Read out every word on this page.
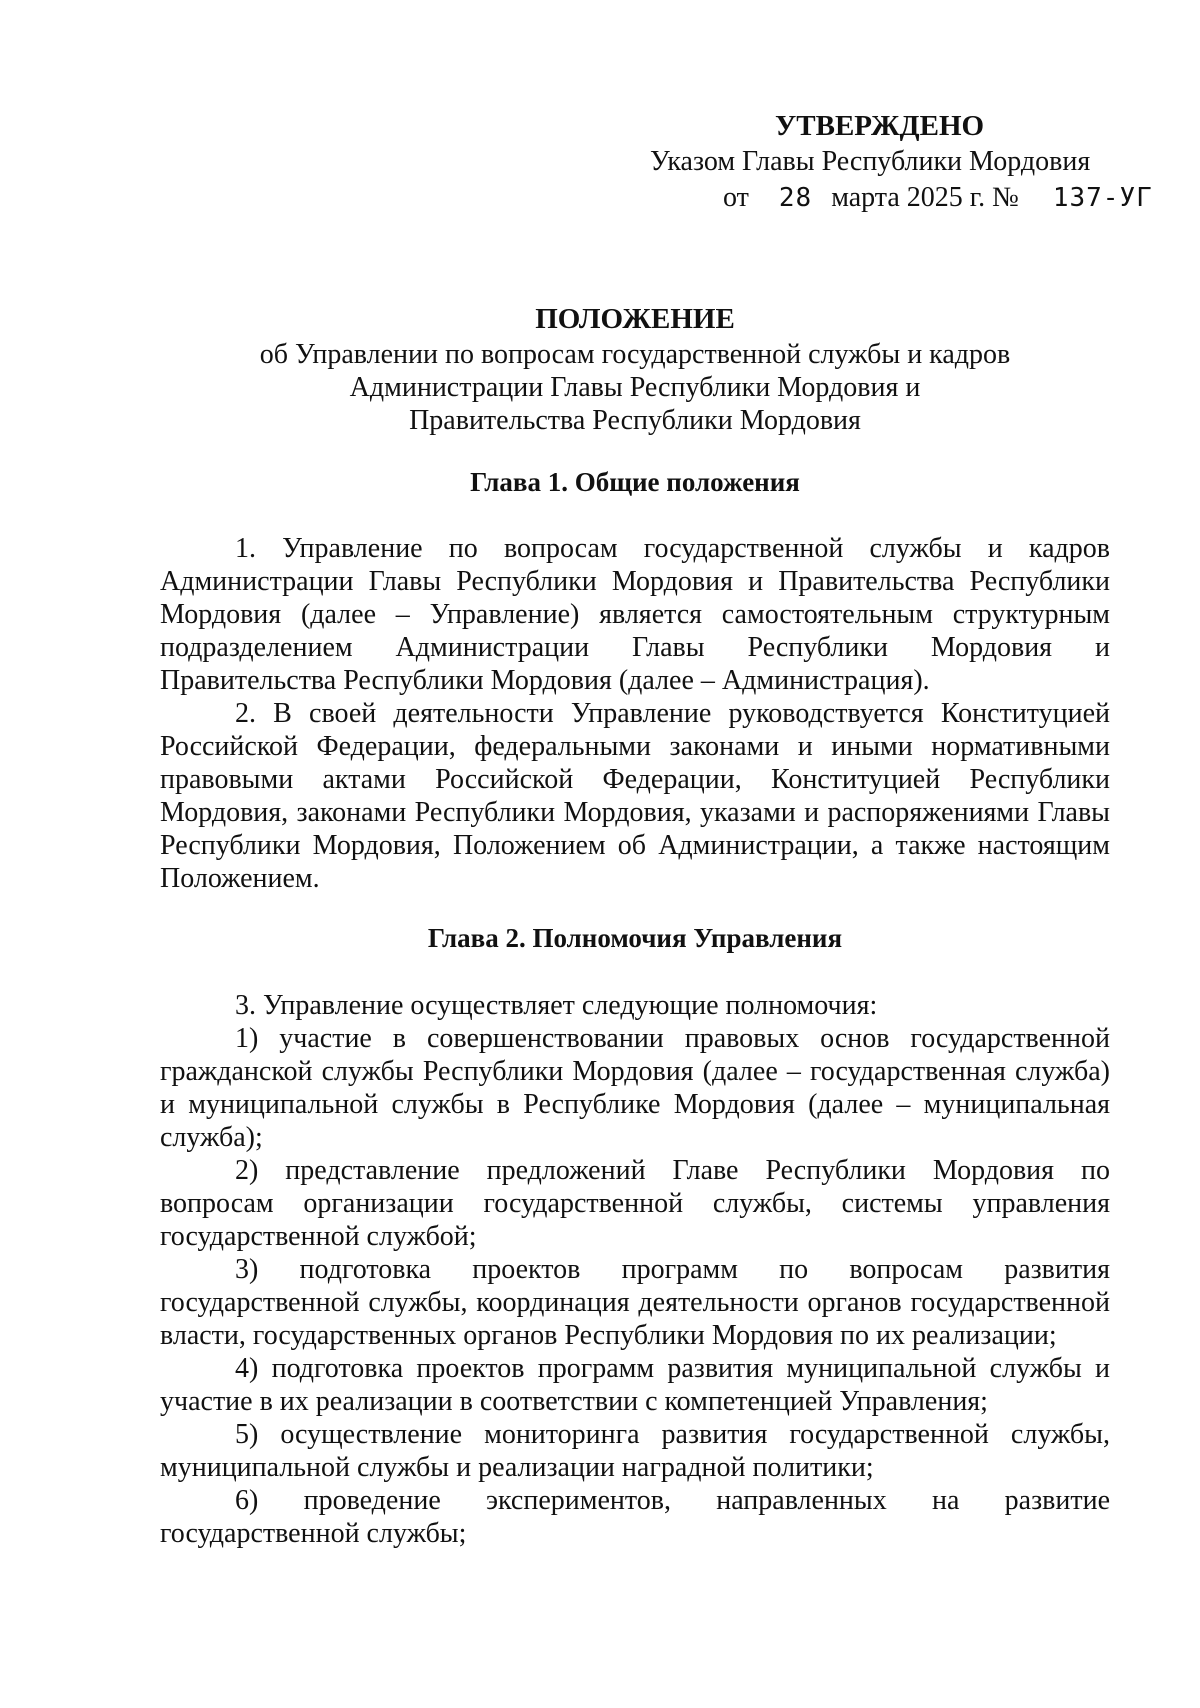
УТВЕРЖДЕНО
Указом Главы Республики Мордовия
от 28 марта 2025 г. № 137-УГ
ПОЛОЖЕНИЕ
об Управлении по вопросам государственной службы и кадров
Администрации Главы Республики Мордовия и
Правительства Республики Мордовия
Глава 1. Общие положения

1. Управление по вопросам государственной службы и кадров Администрации Главы Республики Мордовия и Правительства Республики Мордовия (далее – Управление) является самостоятельным структурным подразделением Администрации Главы Республики Мордовия и Правительства Республики Мордовия (далее – Администрация).

2. В своей деятельности Управление руководствуется Конституцией Российской Федерации, федеральными законами и иными нормативными правовыми актами Российской Федерации, Конституцией Республики Мордовия, законами Республики Мордовия, указами и распоряжениями Главы Республики Мордовия, Положением об Администрации, а также настоящим Положением.

Глава 2. Полномочия Управления

3. Управление осуществляет следующие полномочия:

1) участие в совершенствовании правовых основ государственной гражданской службы Республики Мордовия (далее – государственная служба) и муниципальной службы в Республике Мордовия (далее – муниципальная служба);

2) представление предложений Главе Республики Мордовия по вопросам организации государственной службы, системы управления государственной службой;

3) подготовка проектов программ по вопросам развития государственной службы, координация деятельности органов государственной власти, государственных органов Республики Мордовия по их реализации;

4) подготовка проектов программ развития муниципальной службы и участие в их реализации в соответствии с компетенцией Управления;

5) осуществление мониторинга развития государственной службы, муниципальной службы и реализации наградной политики;

6) проведение экспериментов, направленных на развитие государственной службы;
